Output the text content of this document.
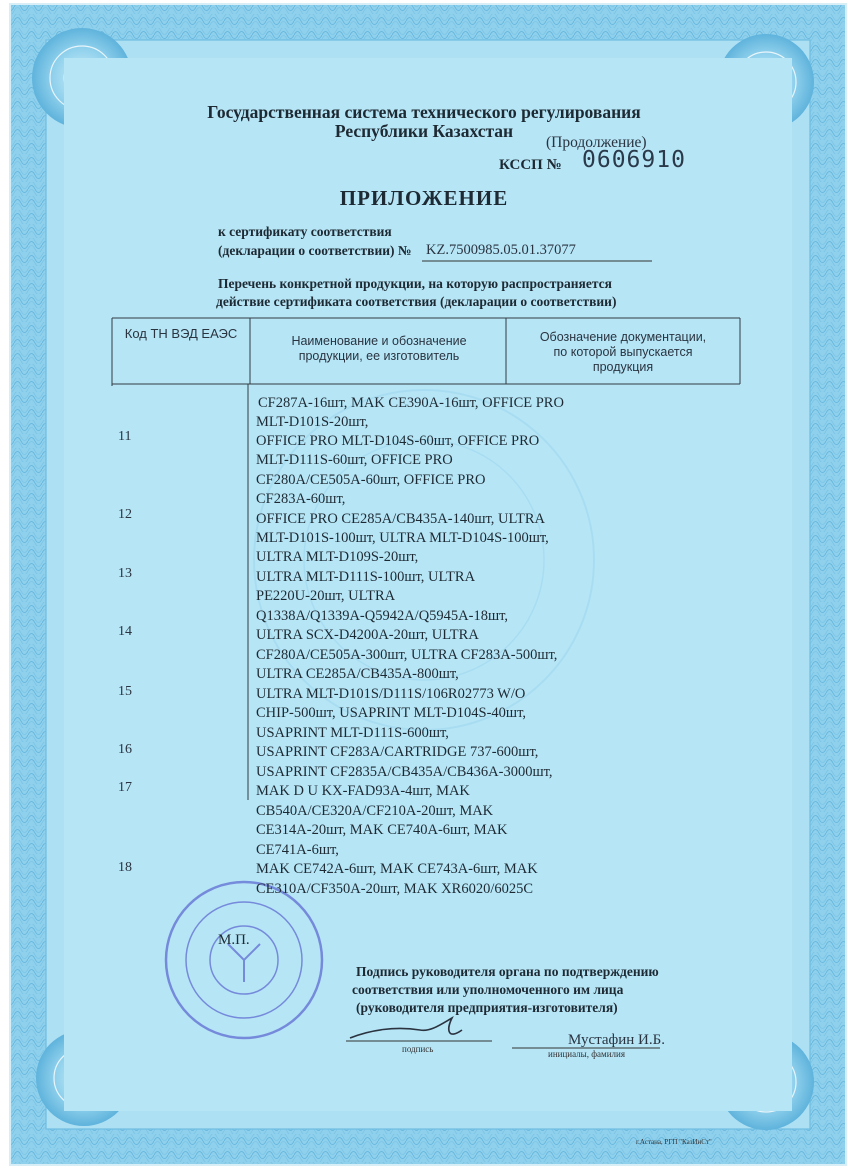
Государственная система технического регулирования
Республики Казахстан
(Продолжение)
КССП № 0606910
ПРИЛОЖЕНИЕ
к сертификату соответствия
(декларации о соответствии) № KZ.7500985.05.01.37077
Перечень конкретной продукции, на которую распространяется
действие сертификата соответствия (декларации о соответствии)
Код ТН ВЭД ЕАЭС	Наименование и обозначение
продукции, ее изготовитель
Обозначение документации,
по которой выпускается
продукция
11
12
13
14
15
16
17
18
CF287A-16шт, MAK CE390A-16шт, OFFICE PRO
MLT-D101S-20шт,
OFFICE PRO MLT-D104S-60шт, OFFICE PRO
MLT-D111S-60шт, OFFICE PRO
CF280A/CE505A-60шт, OFFICE PRO
CF283A-60шт,
OFFICE PRO CE285A/CB435A-140шт, ULTRA
MLT-D101S-100шт, ULTRA MLT-D104S-100шт,
ULTRA MLT-D109S-20шт,
ULTRA MLT-D111S-100шт, ULTRA
PE220U-20шт, ULTRA
Q1338A/Q1339A-Q5942A/Q5945A-18шт,
ULTRA SCX-D4200A-20шт, ULTRA
CF280A/CE505A-300шт, ULTRA CF283A-500шт,
ULTRA CE285A/CB435A-800шт,
ULTRA MLT-D101S/D111S/106R02773 W/O
CHIP-500шт, USAPRINT MLT-D104S-40шт,
USAPRINT MLT-D111S-600шт,
USAPRINT CF283A/CARTRIDGE 737-600шт,
USAPRINT CF2835A/CB435A/CB436A-3000шт,
MAK D U KX-FAD93A-4шт, MAK
CB540A/CE320A/CF210A-20шт, MAK
CE314A-20шт, MAK CE740A-6шт, MAK
CE741A-6шт,
MAK CE742A-6шт, MAK CE743A-6шт, MAK
CE310A/CF350A-20шт, MAK XR6020/6025C
М.П.
Подпись руководителя органа по подтверждению
соответствия или уполномоченного им лица
(руководителя предприятия-изготовителя)
подпись
Мустафин И.Б.
инициалы, фамилия
г.Астана, РГП "КазИнСт"
